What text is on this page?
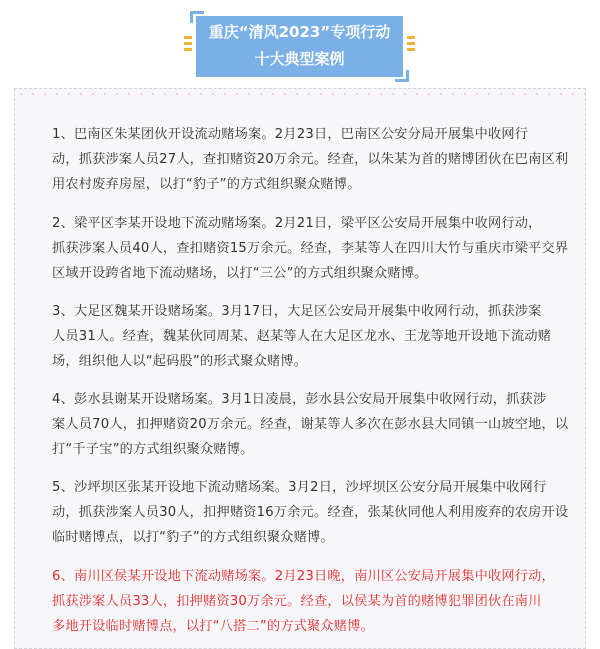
重庆“清风2023”专项行动
十大典型案例
1、巴南区朱某团伙开设流动赌场案。2月23日，巴南区公安分局开展集中收网行
动，抓获涉案人员27人，查扣赌资20万余元。经查，以朱某为首的赌博团伙在巴南区利
用农村废弃房屋，以打“豹子”的方式组织聚众赌博。
2、梁平区李某开设地下流动赌场案。2月21日，梁平区公安局开展集中收网行动，
抓获涉案人员40人，查扣赌资15万余元。经查，李某等人在四川大竹与重庆市梁平交界
区域开设跨省地下流动赌场，以打“三公”的方式组织聚众赌博。
3、大足区魏某开设赌场案。3月17日，大足区公安局开展集中收网行动，抓获涉案
人员31人。经查，魏某伙同周某、赵某等人在大足区龙水、王龙等地开设地下流动赌
场，组织他人以“起码股”的形式聚众赌博。
4、彭水县谢某开设赌场案。3月1日凌晨，彭水县公安局开展集中收网行动，抓获涉
案人员70人，扣押赌资20万余元。经查，谢某等人多次在彭水县大同镇一山坡空地，以
打“千子宝”的方式组织聚众赌博。
5、沙坪坝区张某开设地下流动赌场案。3月2日，沙坪坝区公安分局开展集中收网行
动，抓获涉案人员30人，扣押赌资16万余元。经查，张某伙同他人利用废弃的农房开设
临时赌博点，以打“豹子”的方式组织聚众赌博。
6、南川区侯某开设地下流动赌场案。2月23日晚，南川区公安局开展集中收网行动，
抓获涉案人员33人，扣押赌资30万余元。经查，以侯某为首的赌博犯罪团伙在南川
多地开设临时赌博点，以打“八搭二”的方式聚众赌博。
